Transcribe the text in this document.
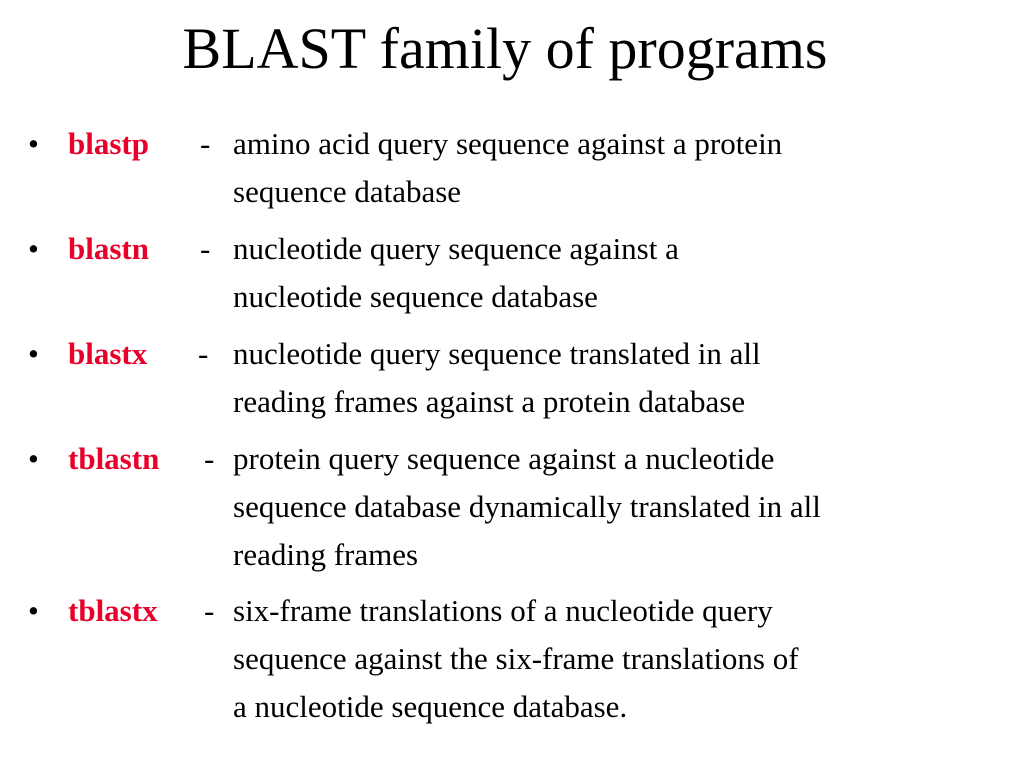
BLAST family of programs
• blastp - amino acid query sequence against a protein
sequence database
• blastn - nucleotide query sequence against a
nucleotide sequence database
• blastx - nucleotide query sequence translated in all
reading frames against a protein database
• tblastn - protein query sequence against a nucleotide
sequence database dynamically translated in all
reading frames
• tblastx - six-frame translations of a nucleotide query
sequence against the six-frame translations of
a nucleotide sequence database.
